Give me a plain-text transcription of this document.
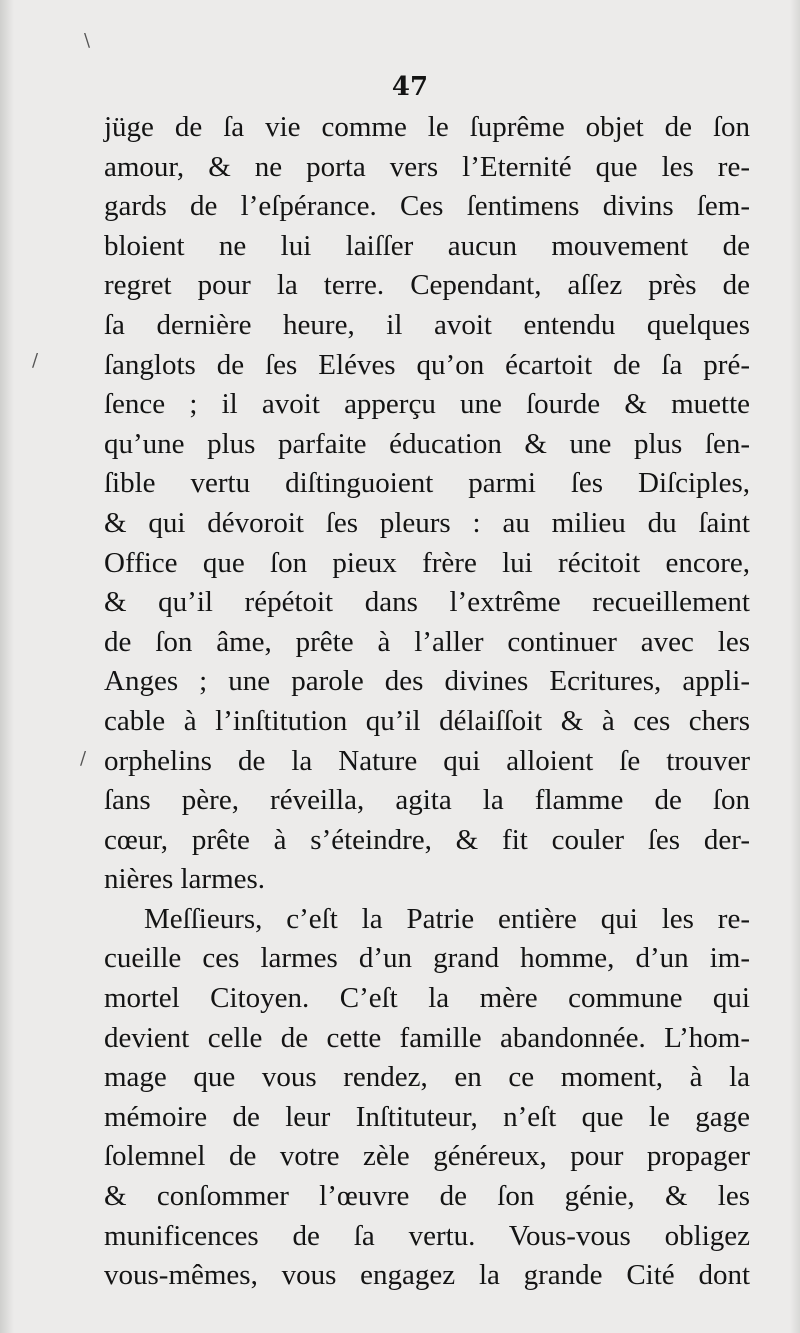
47
jüge de ſa vie comme le ſuprême objet de ſon
amour, & ne porta vers l’Eternité que les re-
gards de l’eſpérance. Ces ſentimens divins ſem-
bloient ne lui laiſſer aucun mouvement de
regret pour la terre. Cependant, aſſez près de
ſa dernière heure, il avoit entendu quelques
ſanglots de ſes Eléves qu’on écartoit de ſa pré-
ſence ; il avoit apperçu une ſourde & muette
qu’une plus parfaite éducation & une plus ſen-
ſible vertu diſtinguoient parmi ſes Diſciples,
& qui dévoroit ſes pleurs : au milieu du ſaint
Office que ſon pieux frère lui récitoit encore,
& qu’il répétoit dans l’extrême recueillement
de ſon âme, prête à l’aller continuer avec les
Anges ; une parole des divines Ecritures, appli-
cable à l’inſtitution qu’il délaiſſoit & à ces chers
orphelins de la Nature qui alloient ſe trouver
ſans père, réveilla, agita la flamme de ſon
cœur, prête à s’éteindre, & fit couler ſes der-
nières larmes.
Meſſieurs, c’eſt la Patrie entière qui les re-
cueille ces larmes d’un grand homme, d’un im-
mortel Citoyen. C’eſt la mère commune qui
devient celle de cette famille abandonnée. L’hom-
mage que vous rendez, en ce moment, à la
mémoire de leur Inſtituteur, n’eſt que le gage
ſolemnel de votre zèle généreux, pour propager
& conſommer l’œuvre de ſon génie, & les
munificences de ſa vertu. Vous-vous obligez
vous-mêmes, vous engagez la grande Cité dont
/
/
\
